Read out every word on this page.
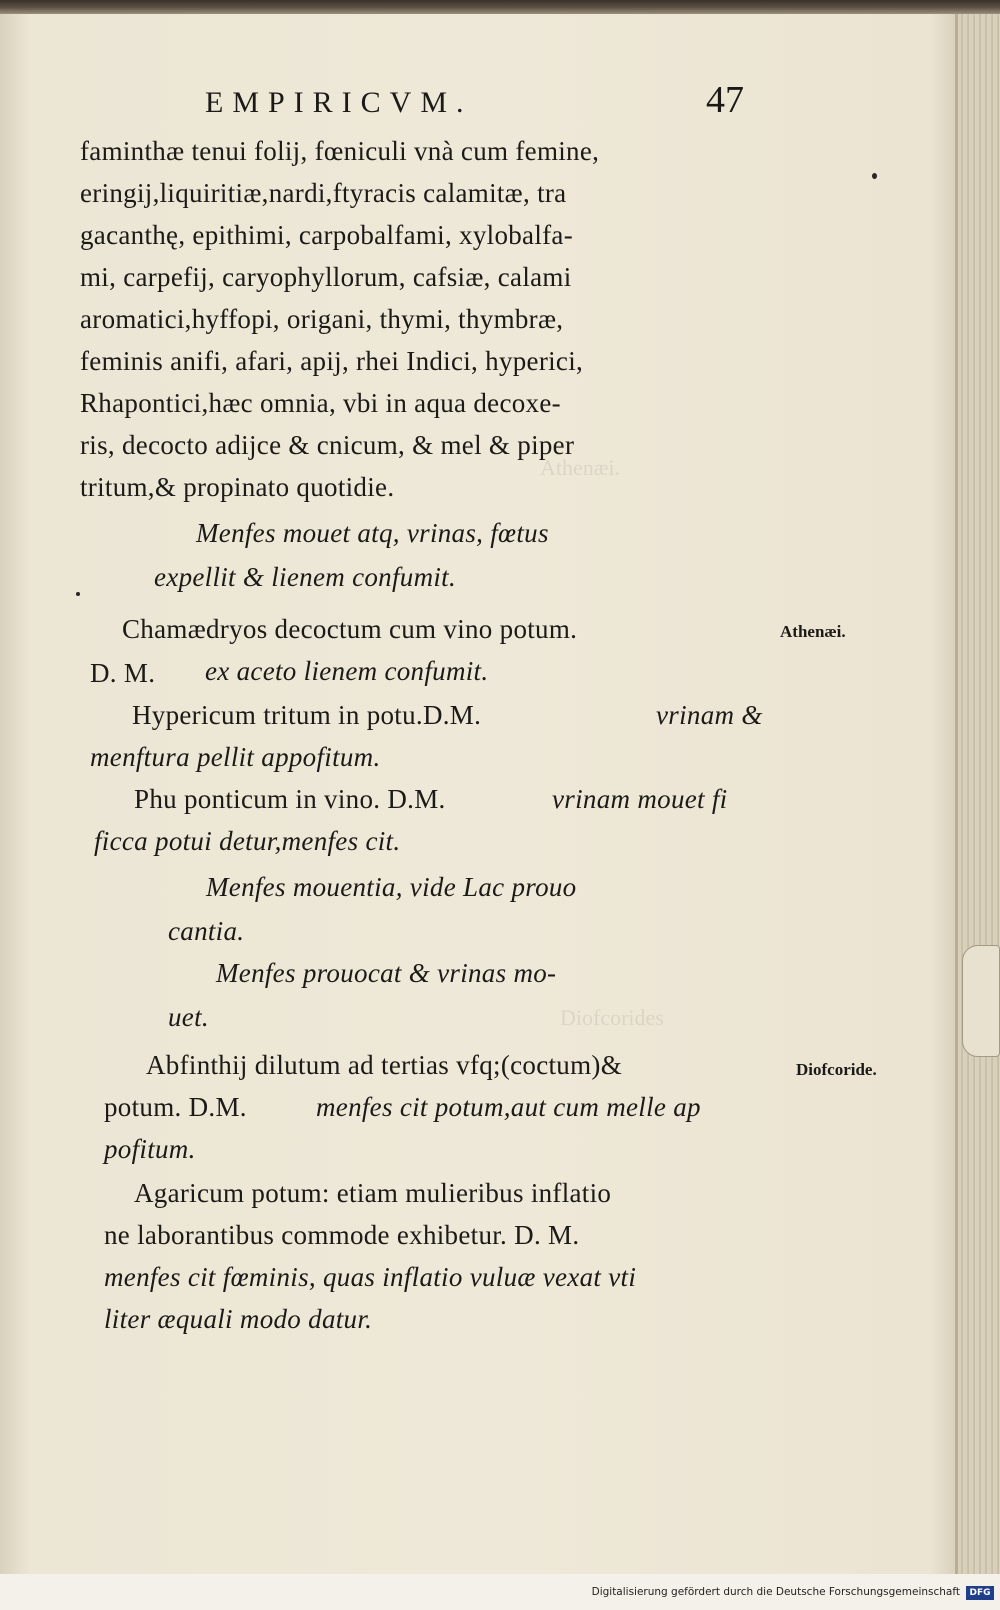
Athenæi.
Diofcorides
EMPIRICVM.	47
faminthæ tenui folij, fœniculi vnà cum femine,
eringij,liquiritiæ,nardi,ftyracis calamitæ, tra
gacanthę, epithimi, carpobalfami, xylobalfa-
mi, carpefij, caryophyllorum, cafsiæ, calami
aromatici,hyffopi, origani, thymi, thymbræ,
feminis anifi, afari, apij, rhei Indici, hyperici,
Rhapontici,hæc omnia, vbi in aqua decoxe-
ris, decocto adijce & cnicum, & mel & piper
tritum,& propinato quotidie.
Menfes mouet atq, vrinas, fœtus
expellit & lienem confumit.
Chamædryos decoctum cum vino potum.	Athenæi.
D. M. ex aceto lienem confumit.
Hypericum tritum in potu.D.M.	vrinam &
menftura pellit appofitum.
Phu ponticum in vino. D.M.	vrinam mouet fi
ficca potui detur,menfes cit.
Menfes mouentia, vide Lac prouo
cantia.
Menfes prouocat & vrinas mo-
uet.
Abfinthij dilutum ad tertias vfq;(coctum)&	Diofcoride.
potum. D.M.	menfes cit potum,aut cum melle ap
pofitum.
Agaricum potum: etiam mulieribus inflatio
ne laborantibus commode exhibetur. D. M.
menfes cit fœminis, quas inflatio vuluæ vexat vti
liter æquali modo datur.
Digitalisierung gefördert durch die Deutsche Forschungsgemeinschaft	DFG
